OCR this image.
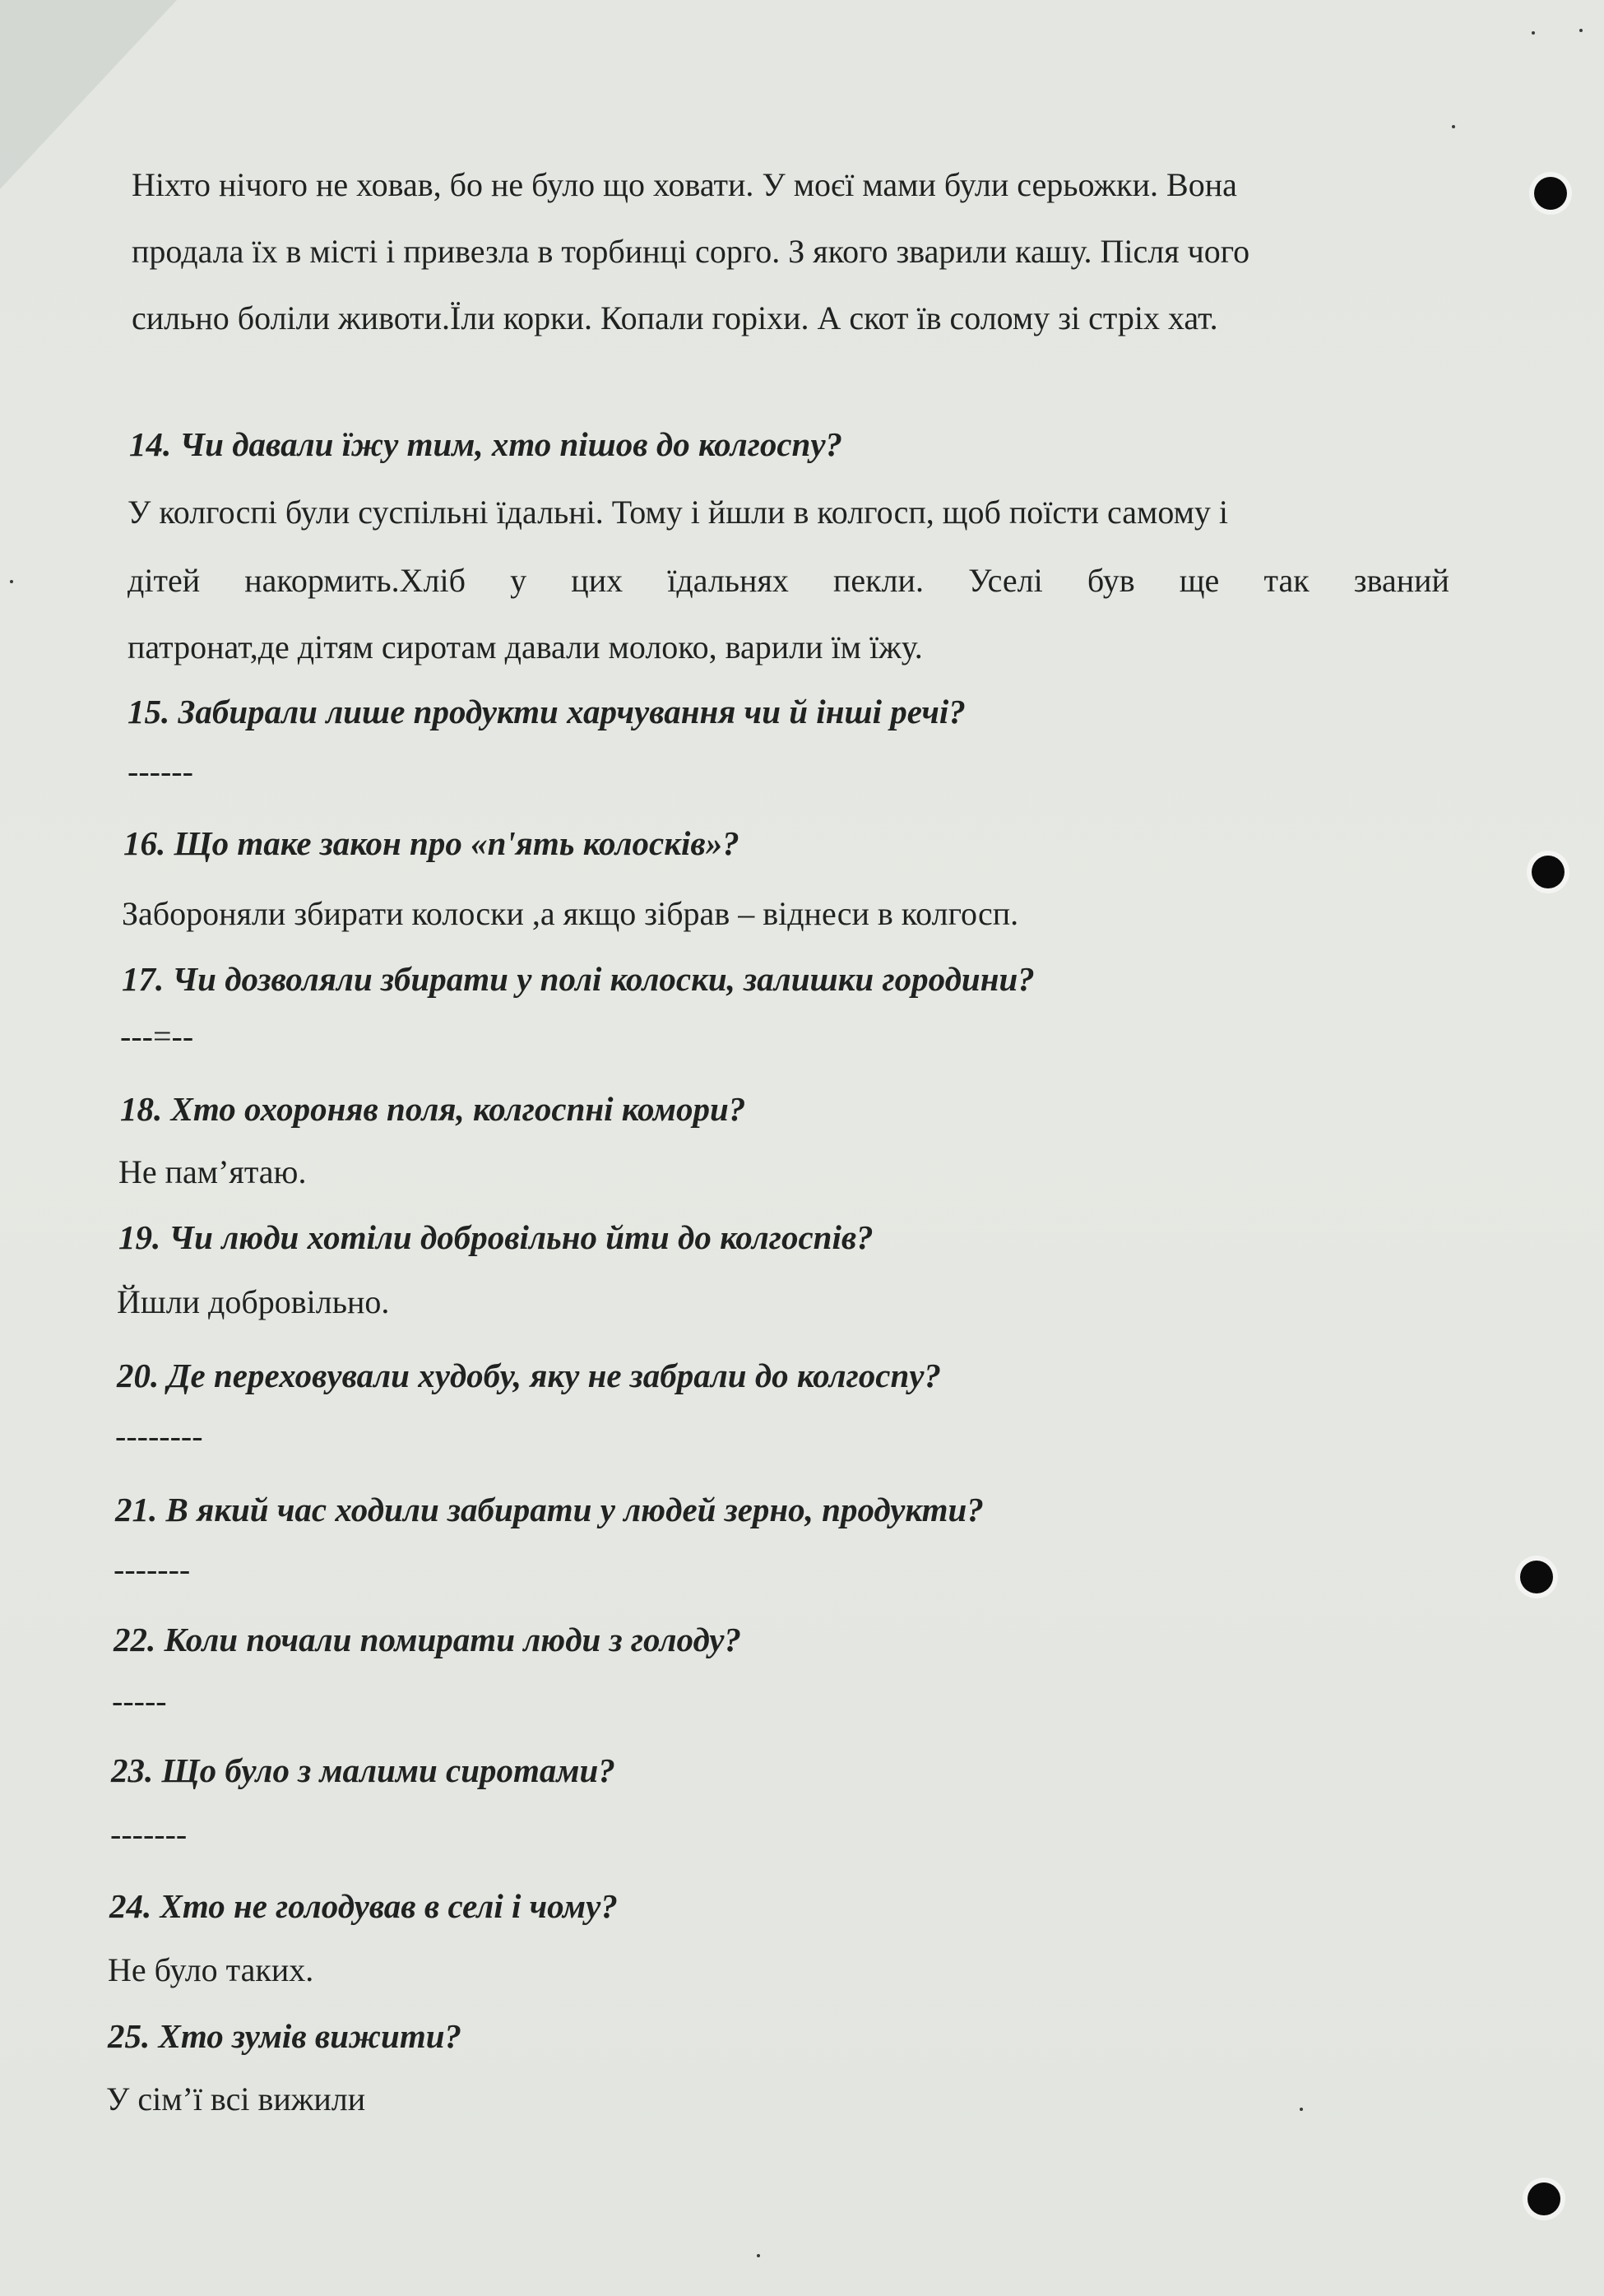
Ніхто нічого не ховав, бо не було що ховати. У моєї мами були серьожки. Вона

продала їх в місті і привезла в торбинці сорго. З якого зварили кашу. Після чого

сильно боліли животи.Їли корки. Копали горіхи. А скот їв солому зі стріх хат.

14. Чи давали їжу тим, хто пішов до колгоспу?

У колгоспі були суспільні їдальні. Тому і йшли в колгосп, щоб поїсти самому і

дітей накормить.Хліб у цих їдальнях пекли. Уселі був ще так званий

патронат,де дітям сиротам давали молоко, варили їм їжу.

15. Забирали лише продукти харчування чи й інші речі?

------

16. Що таке закон про «п'ять колосків»?

Забороняли збирати колоски ,а якщо зібрав – віднеси в колгосп.

17. Чи дозволяли збирати у полі колоски, залишки городини?

---=--

18. Хто охороняв поля, колгоспні комори?

Не пам’ятаю.

19. Чи люди хотіли добровільно йти до колгоспів?

Йшли добровільно.

20. Де переховували худобу, яку не забрали до колгоспу?

--------

21. В який час ходили забирати у людей зерно, продукти?

-------

22. Коли почали помирати люди з голоду?

-----

23. Що було з малими сиротами?

-------

24. Хто не голодував в селі і чому?

Не було таких.

25. Хто зумів вижити?

У сім’ї всі вижили
